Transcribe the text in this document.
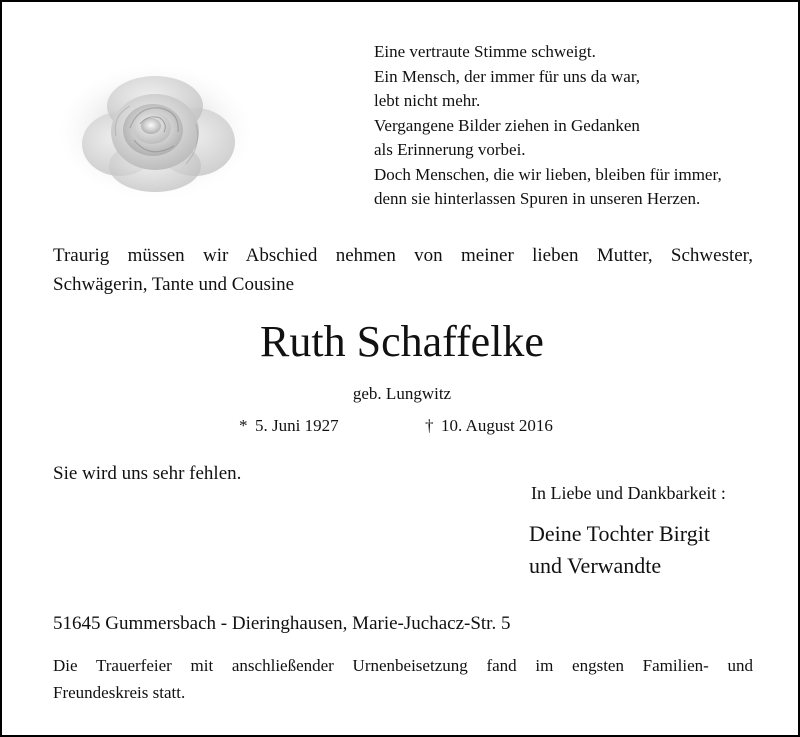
Eine vertraute Stimme schweigt.
Ein Mensch, der immer für uns da war,
lebt nicht mehr.
Vergangene Bilder ziehen in Gedanken
als Erinnerung vorbei.
Doch Menschen, die wir lieben, bleiben für immer,
denn sie hinterlassen Spuren in unseren Herzen.
Traurig müssen wir Abschied nehmen von meiner lieben Mutter, Schwester,
Schwägerin, Tante und Cousine
Ruth Schaffelke
geb. Lungwitz
* 5. Juni 1927	† 10. August 2016
Sie wird uns sehr fehlen.
In Liebe und Dankbarkeit :
Deine Tochter Birgit
und Verwandte
51645 Gummersbach - Dieringhausen, Marie-Juchacz-Str. 5
Die Trauerfeier mit anschließender Urnenbeisetzung fand im engsten Familien- und
Freundeskreis statt.
